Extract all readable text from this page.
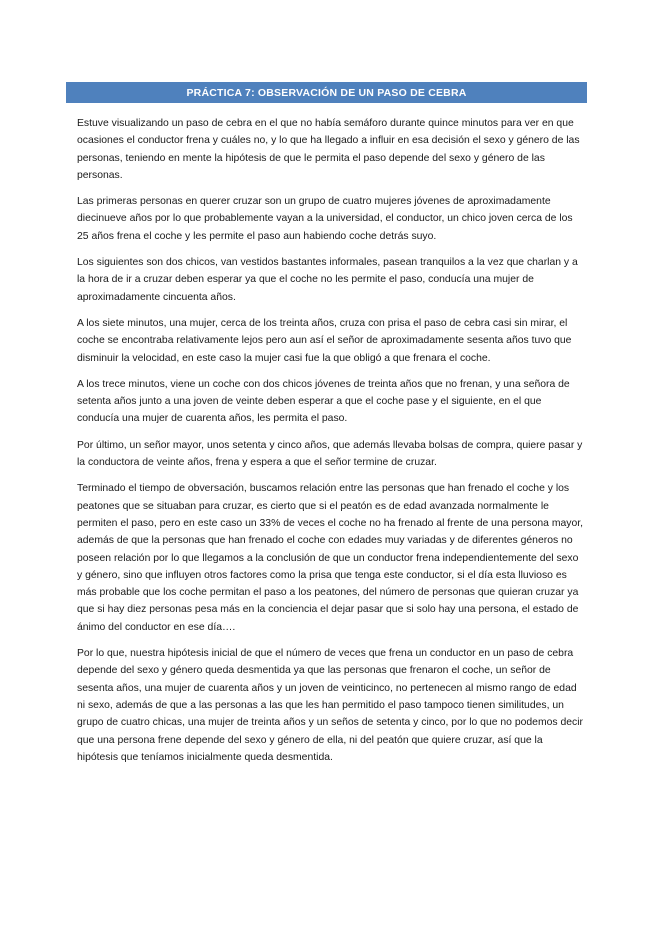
PRÁCTICA 7: OBSERVACIÓN DE UN PASO DE CEBRA

Estuve visualizando un paso de cebra en el que no había semáforo durante quince minutos para ver en que ocasiones el conductor frena y cuáles no, y lo que ha llegado a influir en esa decisión el sexo y género de las personas, teniendo en mente la hipótesis de que le permita el paso depende del sexo y género de las personas.

Las primeras personas en querer cruzar son un grupo de cuatro mujeres jóvenes de aproximadamente diecinueve años por lo que probablemente vayan a la universidad, el conductor, un chico joven cerca de los 25 años frena el coche y les permite el paso aun habiendo coche detrás suyo.

Los siguientes son dos chicos, van vestidos bastantes informales, pasean tranquilos a la vez que charlan y a la hora de ir a cruzar deben esperar ya que el coche no les permite el paso, conducía una mujer de aproximadamente cincuenta años.

A los siete minutos, una mujer, cerca de los treinta años, cruza con prisa el paso de cebra casi sin mirar, el coche se encontraba relativamente lejos pero aun así el señor de aproximadamente sesenta años tuvo que disminuir la velocidad, en este caso la mujer casi fue la que obligó a que frenara el coche.

A los trece minutos, viene un coche con dos chicos jóvenes de treinta años que no frenan, y una señora de setenta años junto a una joven de veinte deben esperar a que el coche pase y el siguiente, en el que conducía una mujer de cuarenta años, les permita el paso.

Por último, un señor mayor, unos setenta y cinco años, que además llevaba bolsas de compra, quiere pasar y la conductora de veinte años, frena y espera a que el señor termine de cruzar.

Terminado el tiempo de obversación, buscamos relación entre las personas que han frenado el coche y los peatones que se situaban para cruzar, es cierto que si el peatón es de edad avanzada normalmente le permiten el paso, pero en este caso un 33% de veces el coche no ha frenado al frente de una persona mayor, además de que la personas que han frenado el coche con edades muy variadas y de diferentes géneros no poseen relación por lo que llegamos a la conclusión de que un conductor frena independientemente del sexo y género, sino que influyen otros factores como la prisa que tenga este conductor, si el día esta lluvioso es más probable que los coche permitan el paso a los peatones, del número de personas que quieran cruzar ya que si hay diez personas pesa más en la conciencia el dejar pasar que si solo hay una persona, el estado de ánimo del conductor en ese día….

Por lo que, nuestra hipótesis inicial de que el número de veces que frena un conductor en un paso de cebra depende del sexo y género queda desmentida ya que las personas que frenaron el coche, un señor de sesenta años, una mujer de cuarenta años y un joven de veinticinco, no pertenecen al mismo rango de edad ni sexo, además de que a las personas a las que les han permitido el paso tampoco tienen similitudes, un grupo de cuatro chicas, una mujer de treinta años y un seños de setenta y cinco, por lo que no podemos decir que una persona frene depende del sexo y género de ella, ni del peatón que quiere cruzar, así que la hipótesis que teníamos inicialmente queda desmentida.
